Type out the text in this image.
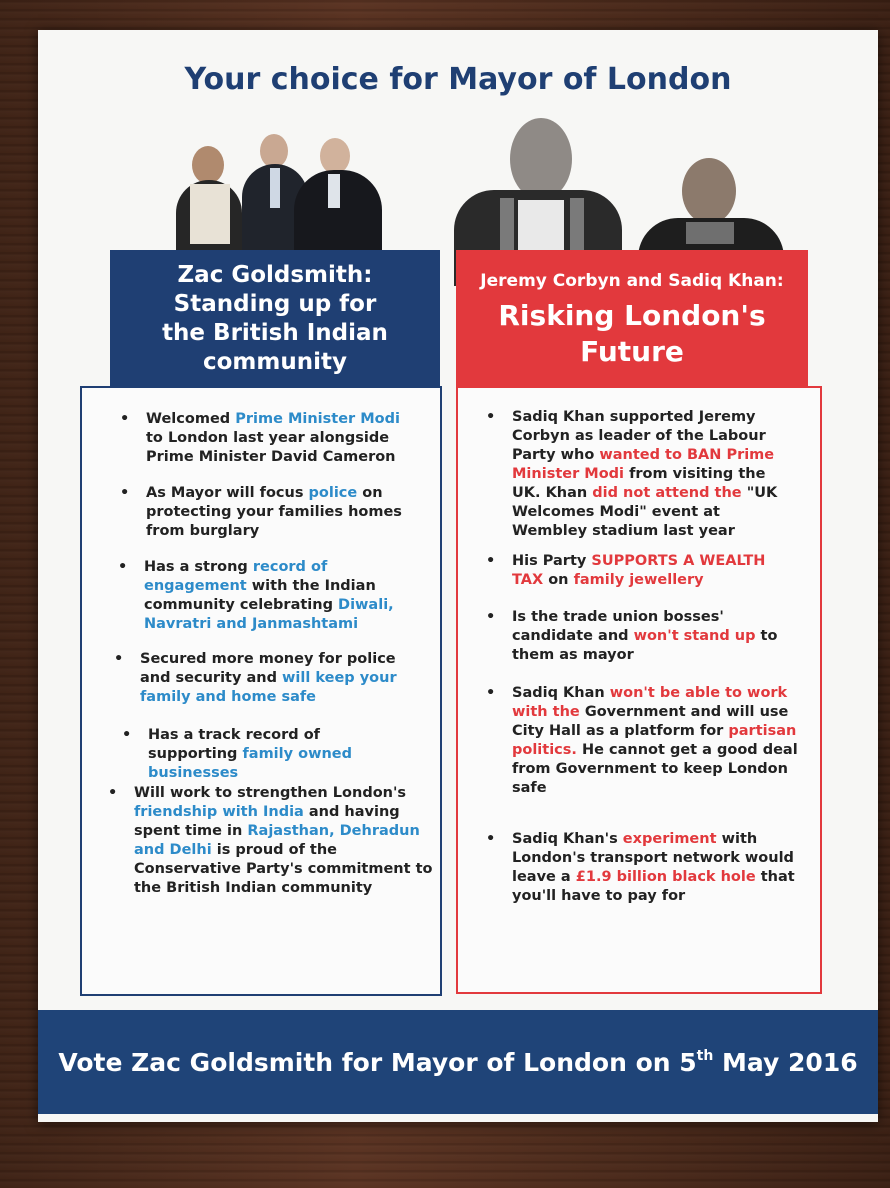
Your choice for Mayor of London
Zac Goldsmith:
Standing up for
the British Indian
community
Jeremy Corbyn and Sadiq Khan:
Risking London's
Future
• Welcomed Prime Minister Modi to London last year alongside Prime Minister David Cameron
• As Mayor will focus police on protecting your families homes from burglary
• Has a strong record of engagement with the Indian community celebrating Diwali, Navratri and Janmashtami
• Secured more money for police and security and will keep your family and home safe
• Has a track record of supporting family owned businesses
• Will work to strengthen London's friendship with India and having spent time in Rajasthan, Dehradun and Delhi is proud of the Conservative Party's commitment to the British Indian community
• Sadiq Khan supported Jeremy Corbyn as leader of the Labour Party who wanted to BAN Prime Minister Modi from visiting the UK. Khan did not attend the "UK Welcomes Modi" event at Wembley stadium last year
• His Party SUPPORTS A WEALTH TAX on family jewellery
• Is the trade union bosses' candidate and won't stand up to them as mayor
• Sadiq Khan won't be able to work with the Government and will use City Hall as a platform for partisan politics. He cannot get a good deal from Government to keep London safe
• Sadiq Khan's experiment with London's transport network would leave a £1.9 billion black hole that you'll have to pay for
Vote Zac Goldsmith for Mayor of London on 5th May 2016
